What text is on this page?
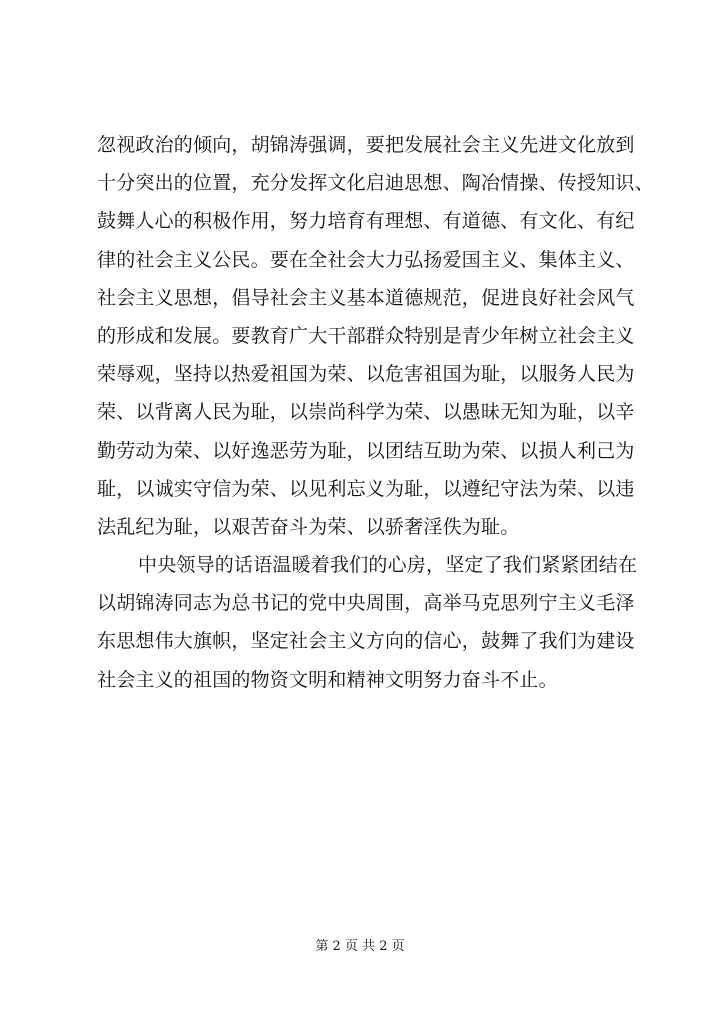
忽视政治的倾向，胡锦涛强调，要把发展社会主义先进文化放到
十分突出的位置，充分发挥文化启迪思想、陶冶情操、传授知识、
鼓舞人心的积极作用，努力培育有理想、有道德、有文化、有纪
律的社会主义公民。要在全社会大力弘扬爱国主义、集体主义、
社会主义思想，倡导社会主义基本道德规范，促进良好社会风气
的形成和发展。要教育广大干部群众特别是青少年树立社会主义
荣辱观，坚持以热爱祖国为荣、以危害祖国为耻，以服务人民为
荣、以背离人民为耻，以崇尚科学为荣、以愚昧无知为耻，以辛
勤劳动为荣、以好逸恶劳为耻，以团结互助为荣、以损人利己为
耻，以诚实守信为荣、以见利忘义为耻，以遵纪守法为荣、以违
法乱纪为耻，以艰苦奋斗为荣、以骄奢淫佚为耻。
中央领导的话语温暖着我们的心房，坚定了我们紧紧团结在
以胡锦涛同志为总书记的党中央周围，高举马克思列宁主义毛泽
东思想伟大旗帜，坚定社会主义方向的信心，鼓舞了我们为建设
社会主义的祖国的物资文明和精神文明努力奋斗不止。
第 2 页 共 2 页
